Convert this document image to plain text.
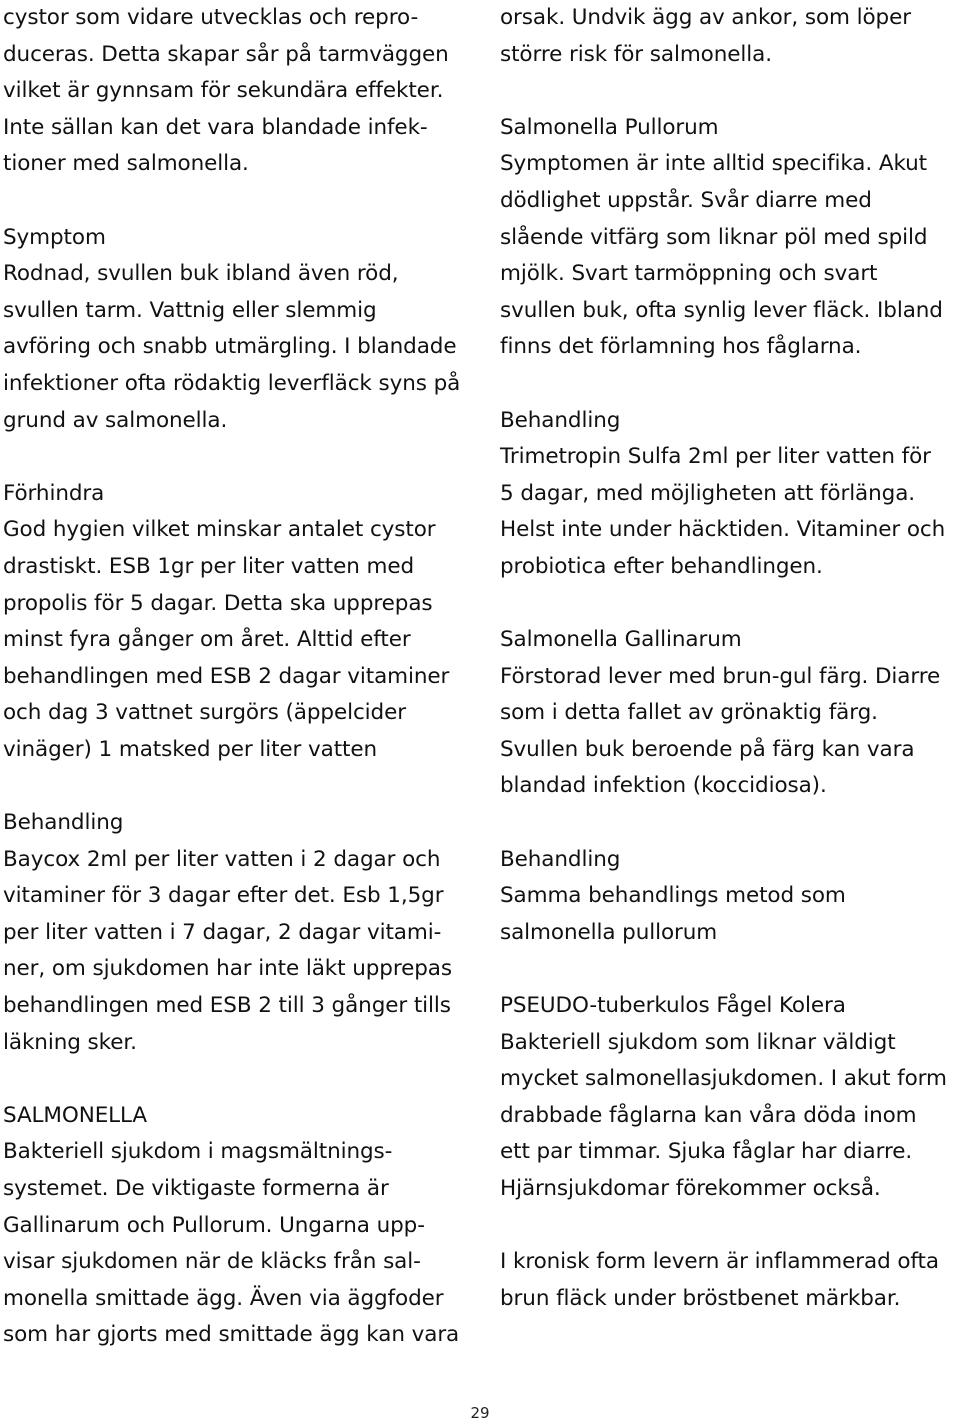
cystor som vidare utvecklas och repro-
duceras. Detta skapar sår på tarmväggen
vilket är gynnsam för sekundära effekter.
Inte sällan kan det vara blandade infek-
tioner med salmonella.
Symptom
Rodnad, svullen buk ibland även röd,
svullen tarm. Vattnig eller slemmig
avföring och snabb utmärgling. I blandade
infektioner ofta rödaktig leverfläck syns på
grund av salmonella.
Förhindra
God hygien vilket minskar antalet cystor
drastiskt. ESB 1gr per liter vatten med
propolis för 5 dagar. Detta ska upprepas
minst fyra gånger om året. Alttid efter
behandlingen med ESB 2 dagar vitaminer
och dag 3 vattnet surgörs (äppelcider
vinäger) 1 matsked per liter vatten
Behandling
Baycox 2ml per liter vatten i 2 dagar och
vitaminer för 3 dagar efter det. Esb 1,5gr
per liter vatten i 7 dagar, 2 dagar vitami-
ner, om sjukdomen har inte läkt upprepas
behandlingen med ESB 2 till 3 gånger tills
läkning sker.
SALMONELLA
Bakteriell sjukdom i magsmältnings-
systemet. De viktigaste formerna är
Gallinarum och Pullorum. Ungarna upp-
visar sjukdomen när de kläcks från sal-
monella smittade ägg. Även via äggfoder
som har gjorts med smittade ägg kan vara
orsak. Undvik ägg av ankor, som löper
större risk för salmonella.
Salmonella Pullorum
Symptomen är inte alltid specifika. Akut
dödlighet uppstår. Svår diarre med
slående vitfärg som liknar pöl med spild
mjölk. Svart tarmöppning och svart
svullen buk, ofta synlig lever fläck. Ibland
finns det förlamning hos fåglarna.
Behandling
Trimetropin Sulfa 2ml per liter vatten för
5 dagar, med möjligheten att förlänga.
Helst inte under häcktiden. Vitaminer och
probiotica efter behandlingen.
Salmonella Gallinarum
Förstorad lever med brun-gul färg. Diarre
som i detta fallet av grönaktig färg.
Svullen buk beroende på färg kan vara
blandad infektion (koccidiosa).
Behandling
Samma behandlings metod som
salmonella pullorum
PSEUDO-tuberkulos Fågel Kolera
Bakteriell sjukdom som liknar väldigt
mycket salmonellasjukdomen. I akut form
drabbade fåglarna kan våra döda inom
ett par timmar. Sjuka fåglar har diarre.
Hjärnsjukdomar förekommer också.
I kronisk form levern är inflammerad ofta
brun fläck under bröstbenet märkbar.
29
